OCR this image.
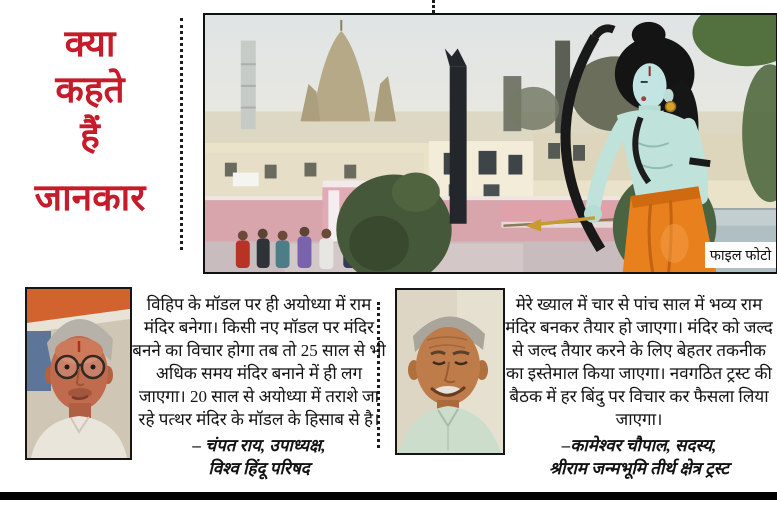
क्या
कहते
हैं
जानकार
फाइल फोटो
विहिप के मॉडल पर ही अयोध्या में राम मंदिर बनेगा। किसी नए मॉडल पर मंदिर बनने का विचार होगा तब तो 25 साल से भी अधिक समय मंदिर बनाने में ही लग जाएगा। 20 साल से अयोध्या में तराशे जा रहे पत्थर मंदिर के मॉडल के हिसाब से है।
– चंपत राय, उपाध्यक्ष,
विश्व हिंदू परिषद
मेरे ख्याल में चार से पांच साल में भव्य राम मंदिर बनकर तैयार हो जाएगा। मंदिर को जल्द से जल्द तैयार करने के लिए बेहतर तकनीक का इस्तेमाल किया जाएगा। नवगठित ट्रस्ट की बैठक में हर बिंदु पर विचार कर फैसला लिया जाएगा।
–कामेश्वर चौपाल, सदस्य,
श्रीराम जन्मभूमि तीर्थ क्षेत्र ट्रस्ट
